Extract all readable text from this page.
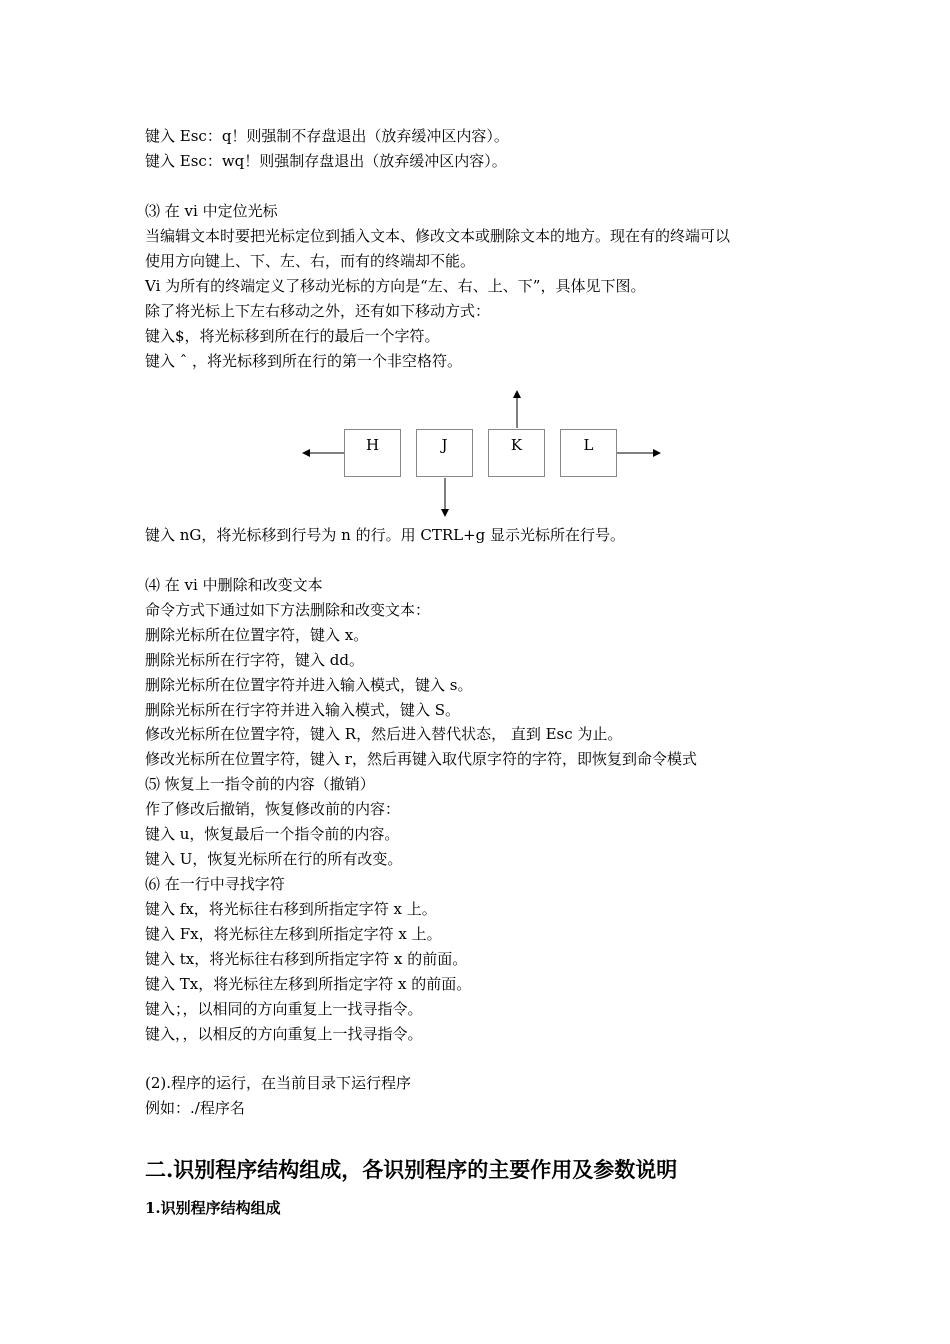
键入 Esc：q！则强制不存盘退出（放弃缓冲区内容）。
键入 Esc：wq！则强制存盘退出（放弃缓冲区内容）。
⑶ 在 vi 中定位光标
当编辑文本时要把光标定位到插入文本、修改文本或删除文本的地方。现在有的终端可以
使用方向键上、下、左、右，而有的终端却不能。
Vi 为所有的终端定义了移动光标的方向是“左、右、上、下”，具体见下图。
除了将光标上下左右移动之外，还有如下移动方式：
键入$，将光标移到所在行的最后一个字符。
键入 ˆ ，将光标移到所在行的第一个非空格符。
H	J	K	L
键入 nG，将光标移到行号为 n 的行。用 CTRL+g 显示光标所在行号。
⑷ 在 vi 中删除和改变文本
命令方式下通过如下方法删除和改变文本：
删除光标所在位置字符，键入 x。
删除光标所在行字符，键入 dd。
删除光标所在位置字符并进入输入模式，键入 s。
删除光标所在行字符并进入输入模式，键入 S。
修改光标所在位置字符，键入 R，然后进入替代状态， 直到 Esc 为止。
修改光标所在位置字符，键入 r，然后再键入取代原字符的字符，即恢复到命令模式
⑸ 恢复上一指令前的内容（撤销）
作了修改后撤销，恢复修改前的内容：
键入 u，恢复最后一个指令前的内容。
键入 U，恢复光标所在行的所有改变。
⑹ 在一行中寻找字符
键入 fx，将光标往右移到所指定字符 x 上。
键入 Fx，将光标往左移到所指定字符 x 上。
键入 tx，将光标往右移到所指定字符 x 的前面。
键入 Tx，将光标往左移到所指定字符 x 的前面。
键入；，以相同的方向重复上一找寻指令。
键入，，以相反的方向重复上一找寻指令。
(2).程序的运行，在当前目录下运行程序
例如：./程序名
二.识别程序结构组成，各识别程序的主要作用及参数说明
1.识别程序结构组成
